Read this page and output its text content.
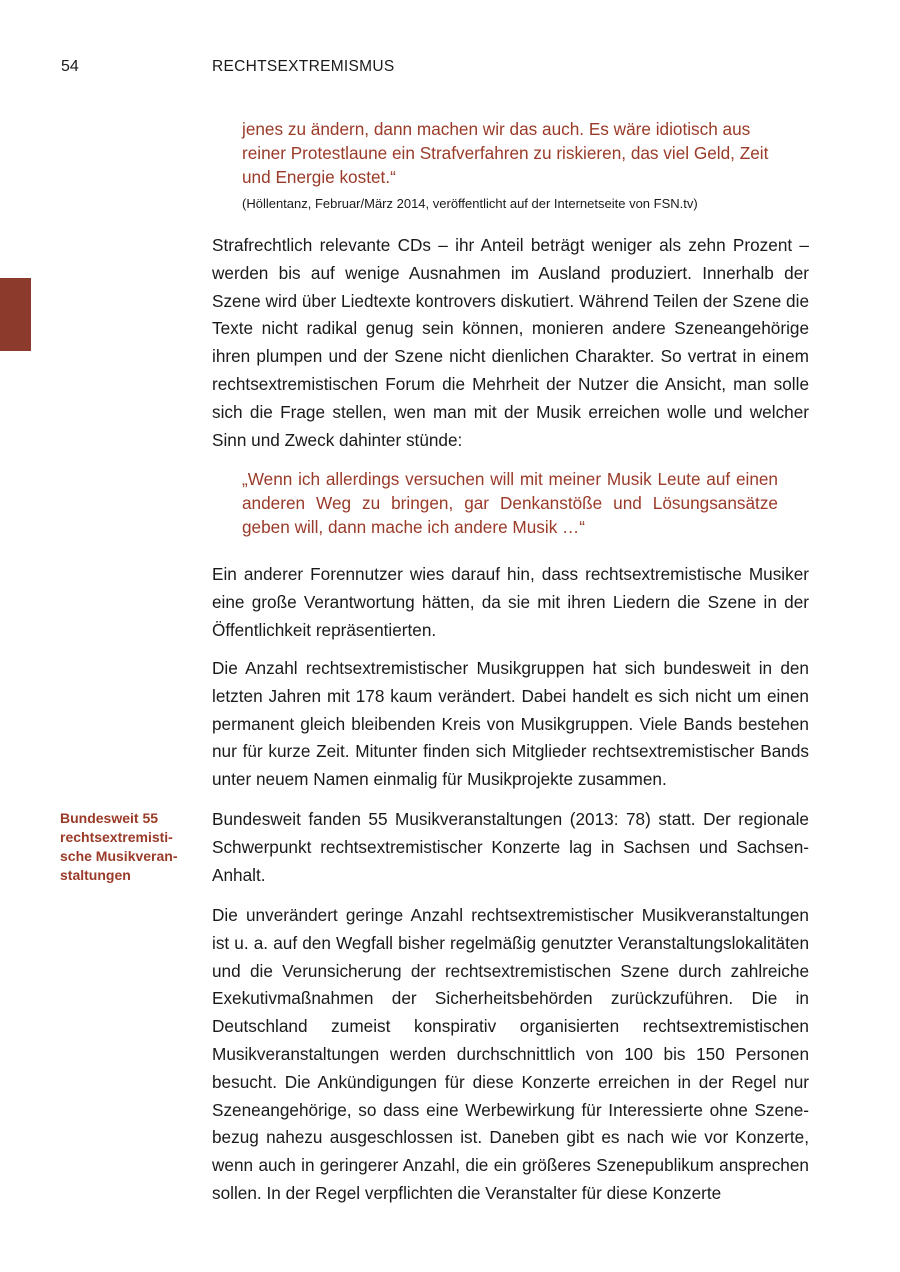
54	RECHTSEXTREMISMUS

jenes zu ändern, dann machen wir das auch. Es wäre idiotisch aus reiner Protestlaune ein Strafverfahren zu riskieren, das viel Geld, Zeit und Energie kostet.“

(Höllentanz, Februar/März 2014, veröffentlicht auf der Internetseite von FSN.tv)

Strafrechtlich relevante CDs – ihr Anteil beträgt weniger als zehn Prozent – werden bis auf wenige Ausnahmen im Ausland produziert. Innerhalb der Szene wird über Liedtexte kontrovers diskutiert. Während Teilen der Szene die Texte nicht radikal genug sein können, monieren andere Szeneangehörige ihren plumpen und der Szene nicht dienlichen Charakter. So vertrat in einem rechtsextremistischen Forum die Mehrheit der Nutzer die Ansicht, man solle sich die Frage stellen, wen man mit der Musik erreichen wolle und welcher Sinn und Zweck dahinter stünde:

„Wenn ich allerdings versuchen will mit meiner Musik Leute auf einen anderen Weg zu bringen, gar Denkanstöße und Lösungsansätze geben will, dann mache ich andere Musik …“

Ein anderer Forennutzer wies darauf hin, dass rechtsextremistische Musiker eine große Verantwortung hätten, da sie mit ihren Liedern die Szene in der Öffentlichkeit repräsentierten.

Die Anzahl rechtsextremistischer Musikgruppen hat sich bundesweit in den letzten Jahren mit 178 kaum verändert. Dabei handelt es sich nicht um einen permanent gleich bleibenden Kreis von Musikgruppen. Viele Bands bestehen nur für kurze Zeit. Mitunter finden sich Mitglieder rechtsextremistischer Bands unter neuem Namen einmalig für Musikprojekte zusammen.

Bundesweit 55 rechtsextremistische Musikveranstaltungen

Bundesweit fanden 55 Musikveranstaltungen (2013: 78) statt. Der regionale Schwerpunkt rechtsextremistischer Konzerte lag in Sachsen und Sachsen-Anhalt.

Die unverändert geringe Anzahl rechtsextremistischer Musikveranstaltungen ist u. a. auf den Wegfall bisher regelmäßig genutzter Veranstaltungslokalitäten und die Verunsicherung der rechtsextremistischen Szene durch zahlreiche Exekutivmaßnahmen der Sicherheitsbehörden zurückzuführen. Die in Deutschland zumeist konspirativ organisierten rechtsextremistischen Musikveranstaltungen werden durchschnittlich von 100 bis 150 Personen besucht. Die Ankündigungen für diese Konzerte erreichen in der Regel nur Szeneangehörige, so dass eine Werbewirkung für Interessierte ohne Szenebezug nahezu ausgeschlossen ist. Daneben gibt es nach wie vor Konzerte, wenn auch in geringerer Anzahl, die ein größeres Szenepublikum ansprechen sollen. In der Regel verpflichten die Veranstalter für diese Konzerte
